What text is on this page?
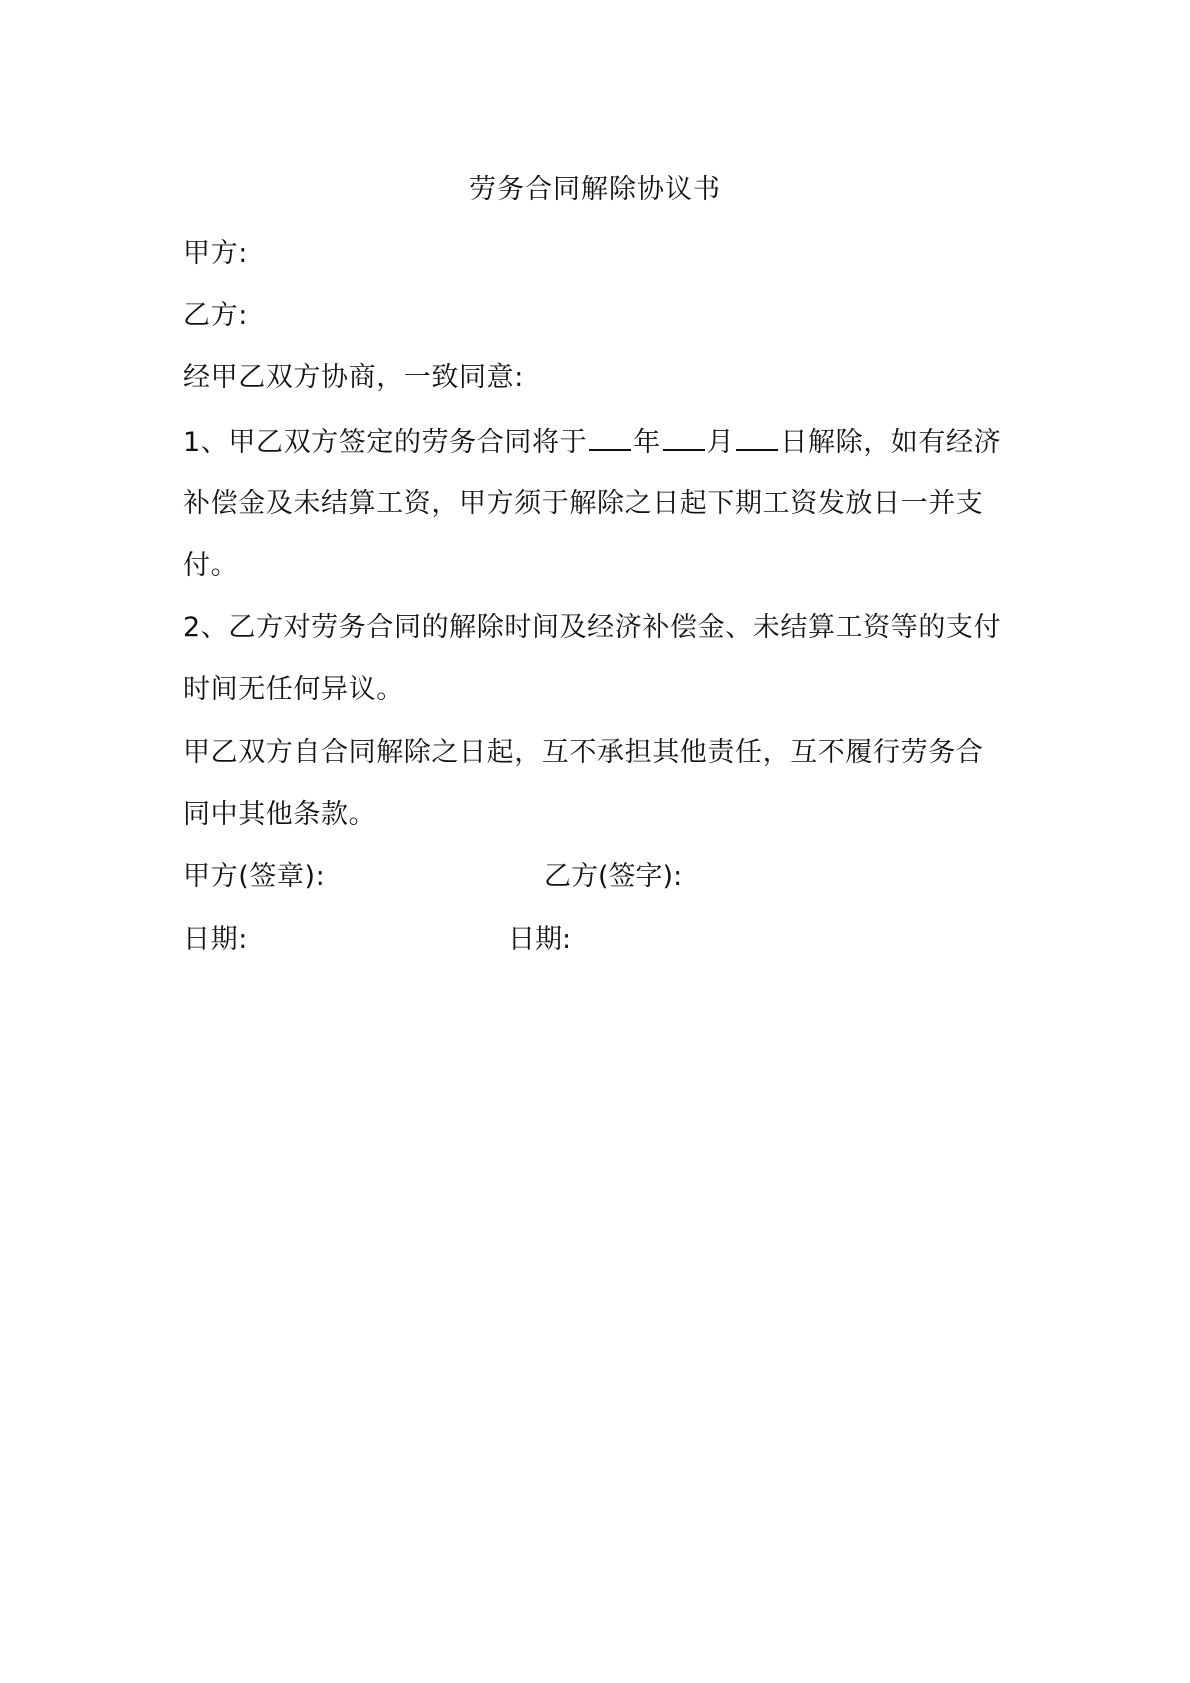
劳务合同解除协议书
甲方:
乙方:
经甲乙双方协商，一致同意:
1、甲乙双方签定的劳务合同将于 年 月 日解除，如有经济
补偿金及未结算工资，甲方须于解除之日起下期工资发放日一并支
付。
2、乙方对劳务合同的解除时间及经济补偿金、未结算工资等的支付
时间无任何异议。
甲乙双方自合同解除之日起，互不承担其他责任，互不履行劳务合
同中其他条款。
甲方(签章):	乙方(签字):
日期:	日期:
